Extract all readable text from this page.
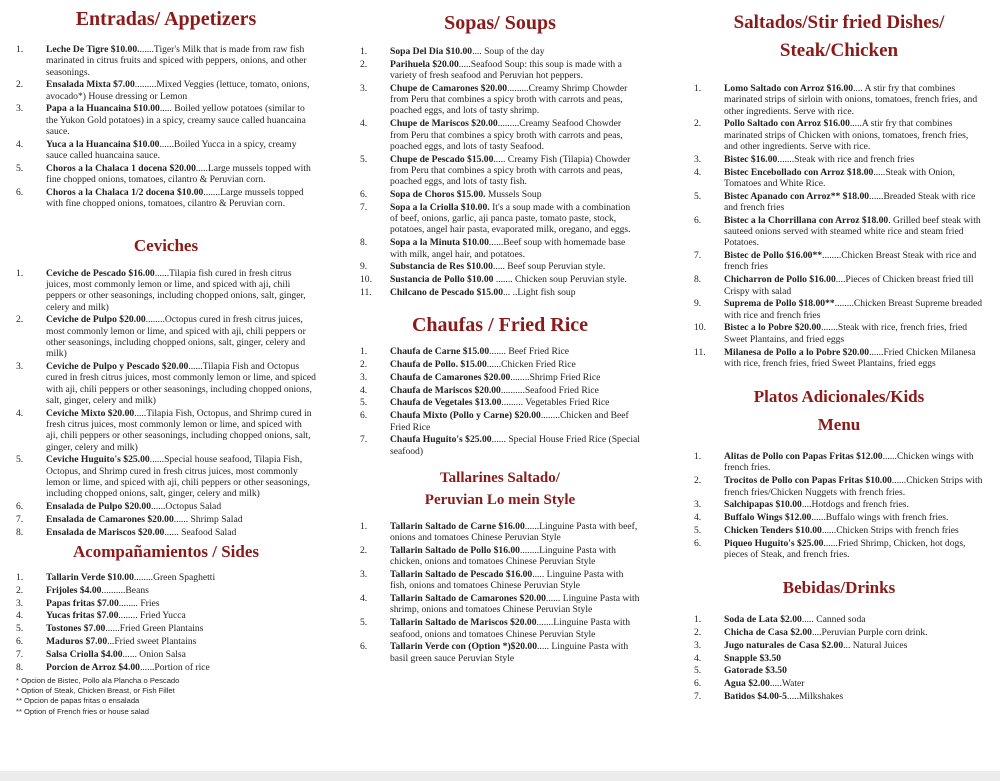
Entradas/ Appetizers
1.	Leche De Tigre $10.00.......Tiger's Milk that is made from raw fish marinated in citrus fruits and spiced with peppers, onions, and other seasonings.
2.	Ensalada Mixta $7.00.........Mixed Veggies (lettuce, tomato, onions, avocado*) House dressing or Lemon
3.	Papa a la Huancaina $10.00..... Boiled yellow potatoes (similar to the Yukon Gold potatoes) in a spicy, creamy sauce called huancaina sauce.
4.	Yuca a la Huancaina $10.00......Boiled Yucca in a spicy, creamy sauce called huancaina sauce.
5.	Choros a la Chalaca 1 docena $20.00.....Large mussels topped with fine chopped onions, tomatoes, cilantro & Peruvian corn.
6.	Choros a la Chalaca 1/2 docena $10.00.......Large mussels topped with fine chopped onions, tomatoes, cilantro & Peruvian corn.
Ceviches
1.	Ceviche de Pescado $16.00......Tilapia fish cured in fresh citrus juices, most commonly lemon or lime, and spiced with aji, chili peppers or other seasonings, including chopped onions, salt, ginger, celery and milk)
2.	Ceviche de Pulpo $20.00........Octopus cured in fresh citrus juices, most commonly lemon or lime, and spiced with aji, chili peppers or other seasonings, including chopped onions, salt, ginger, celery and milk)
3.	Ceviche de Pulpo y Pescado $20.00......Tilapia Fish and Octopus cured in fresh citrus juices, most commonly lemon or lime, and spiced with aji, chili peppers or other seasonings, including chopped onions, salt, ginger, celery and milk)
4.	Ceviche Mixto $20.00.....Tilapia Fish, Octopus, and Shrimp cured in fresh citrus juices, most commonly lemon or lime, and spiced with aji, chili peppers or other seasonings, including chopped onions, salt, ginger, celery and milk)
5.	Ceviche Huguito's $25.00......Special house seafood, Tilapia Fish, Octopus, and Shrimp cured in fresh citrus juices, most commonly lemon or lime, and spiced with aji, chili peppers or other seasonings, including chopped onions, salt, ginger, celery and milk)
6.	Ensalada de Pulpo $20.00......Octopus Salad
7.	Ensalada de Camarones $20.00...... Shrimp Salad
8.	Ensalada de Mariscos $20.00...... Seafood Salad
Acompañamientos / Sides
1.	Tallarin Verde $10.00........Green Spaghetti
2.	Frijoles $4.00..........Beans
3.	Papas fritas $7.00........ Fries
4.	Yucas fritas $7.00........ Fried Yucca
5.	Tostones $7.00......Fried Green Plantains
6.	Maduros $7.00...Fried sweet Plantains
7.	Salsa Criolla $4.00...... Onion Salsa
8.	Porcion de Arroz $4.00......Portion of rice
* Opcion de Bistec, Pollo ala Plancha o Pescado
* Option of Steak, Chicken Breast, or Fish Fillet
** Opcion de papas fritas o ensalada
** Option of French fries or house salad
Sopas/ Soups
1.	Sopa Del Dia $10.00.... Soup of the day
2.	Parihuela $20.00.....Seafood Soup: this soup is made with a variety of fresh seafood and Peruvian hot peppers.
3.	Chupe de Camarones $20.00.........Creamy Shrimp Chowder from Peru that combines a spicy broth with carrots and peas, poached eggs, and lots of tasty shrimp.
4.	Chupe de Mariscos $20.00.........Creamy Seafood Chowder from Peru that combines a spicy broth with carrots and peas, poached eggs, and lots of tasty Seafood.
5.	Chupe de Pescado $15.00..... Creamy Fish (Tilapia) Chowder from Peru that combines a spicy broth with carrots and peas, poached eggs, and lots of tasty fish.
6.	Sopa de Choros $15.00. Mussels Soup
7.	Sopa a la Criolla $10.00. It's a soup made with a combination of beef, onions, garlic, aji panca paste, tomato paste, stock, potatoes, angel hair pasta, evaporated milk, oregano, and eggs.
8.	Sopa a la Minuta $10.00......Beef soup with homemade base with milk, angel hair, and potatoes.
9.	Substancia de Res $10.00..... Beef soup Peruvian style.
10.	Sustancia de Pollo $10.00 ....... Chicken soup Peruvian style.
11.	Chilcano de Pescado $15.00... ..Light fish soup
Chaufas / Fried Rice
1.	Chaufa de Carne $15.00....... Beef Fried Rice
2.	Chaufa de Pollo. $15.00......Chicken Fried Rice
3.	Chaufa de Camarones $20.00........Shrimp Fried Rice
4.	Chaufa de Mariscos $20.00..........Seafood Fried Rice
5.	Chaufa de Vegetales $13.00......... Vegetables Fried Rice
6.	Chaufa Mixto (Pollo y Carne) $20.00........Chicken and Beef Fried Rice
7.	Chaufa Huguito's $25.00...... Special House Fried Rice (Special seafood)
Tallarines Saltado/
Peruvian Lo mein Style
1.	Tallarin Saltado de Carne $16.00......Linguine Pasta with beef, onions and tomatoes Chinese Peruvian Style
2.	Tallarin Saltado de Pollo $16.00........Linguine Pasta with chicken, onions and tomatoes Chinese Peruvian Style
3.	Tallarin Saltado de Pescado $16.00..... Linguine Pasta with fish, onions and tomatoes Chinese Peruvian Style
4.	Tallarin Saltado de Camarones $20.00...... Linguine Pasta with shrimp, onions and tomatoes Chinese Peruvian Style
5.	Tallarin Saltado de Mariscos $20.00.......Linguine Pasta with seafood, onions and tomatoes Chinese Peruvian Style
6.	Tallarin Verde con (Option *)$20.00..... Linguine Pasta with basil green sauce Peruvian Style
Saltados/Stir fried Dishes/
Steak/Chicken
1.	Lomo Saltado con Arroz $16.00.... A stir fry that combines marinated strips of sirloin with onions, tomatoes, french fries, and other ingredients. Serve with rice.
2.	Pollo Saltado con Arroz $16.00.....A stir fry that combines marinated strips of Chicken with onions, tomatoes, french fries, and other ingredients. Serve with rice.
3.	Bistec $16.00.......Steak with rice and french fries
4.	Bistec Encebollado con Arroz $18.00.....Steak with Onion, Tomatoes and White Rice.
5.	Bistec Apanado con Arroz** $18.00......Breaded Steak with rice and french fries
6.	Bistec a la Chorrillana con Arroz $18.00. Grilled beef steak with sauteed onions served with steamed white rice and steam fried Potatoes.
7.	Bistec de Pollo $16.00**........Chicken Breast Steak with rice and french fries
8.	Chicharron de Pollo $16.00....Pieces of Chicken breast fried till Crispy with salad
9.	Suprema de Pollo $18.00**........Chicken Breast Supreme breaded with rice and french fries
10.	Bistec a lo Pobre $20.00.......Steak with rice, french fries, fried Sweet Plantains, and fried eggs
11.	Milanesa de Pollo a lo Pobre $20.00......Fried Chicken Milanesa with rice, french fries, fried Sweet Plantains, fried eggs
Platos Adicionales/Kids
Menu
1.	Alitas de Pollo con Papas Fritas $12.00......Chicken wings with french fries.
2.	Trocitos de Pollo con Papas Fritas $10.00......Chicken Strips with french fries/Chicken Nuggets with french fries.
3.	Salchipapas $10.00....Hotdogs and french fries.
4.	Buffalo Wings $12.00......Buffalo wings with french fries.
5.	Chicken Tenders $10.00......Chicken Strips with french fries
6.	Piqueo Huguito's $25.00......Fried Shrimp, Chicken, hot dogs, pieces of Steak, and french fries.
Bebidas/Drinks
1.	Soda de Lata $2.00..... Canned soda
2.	Chicha de Casa $2.00....Peruvian Purple corn drink.
3.	Jugo naturales de Casa $2.00... Natural Juices
4.	Snapple $3.50
5.	Gatorade $3.50
6.	Agua $2.00.....Water
7.	Batidos $4.00-5.....Milkshakes
